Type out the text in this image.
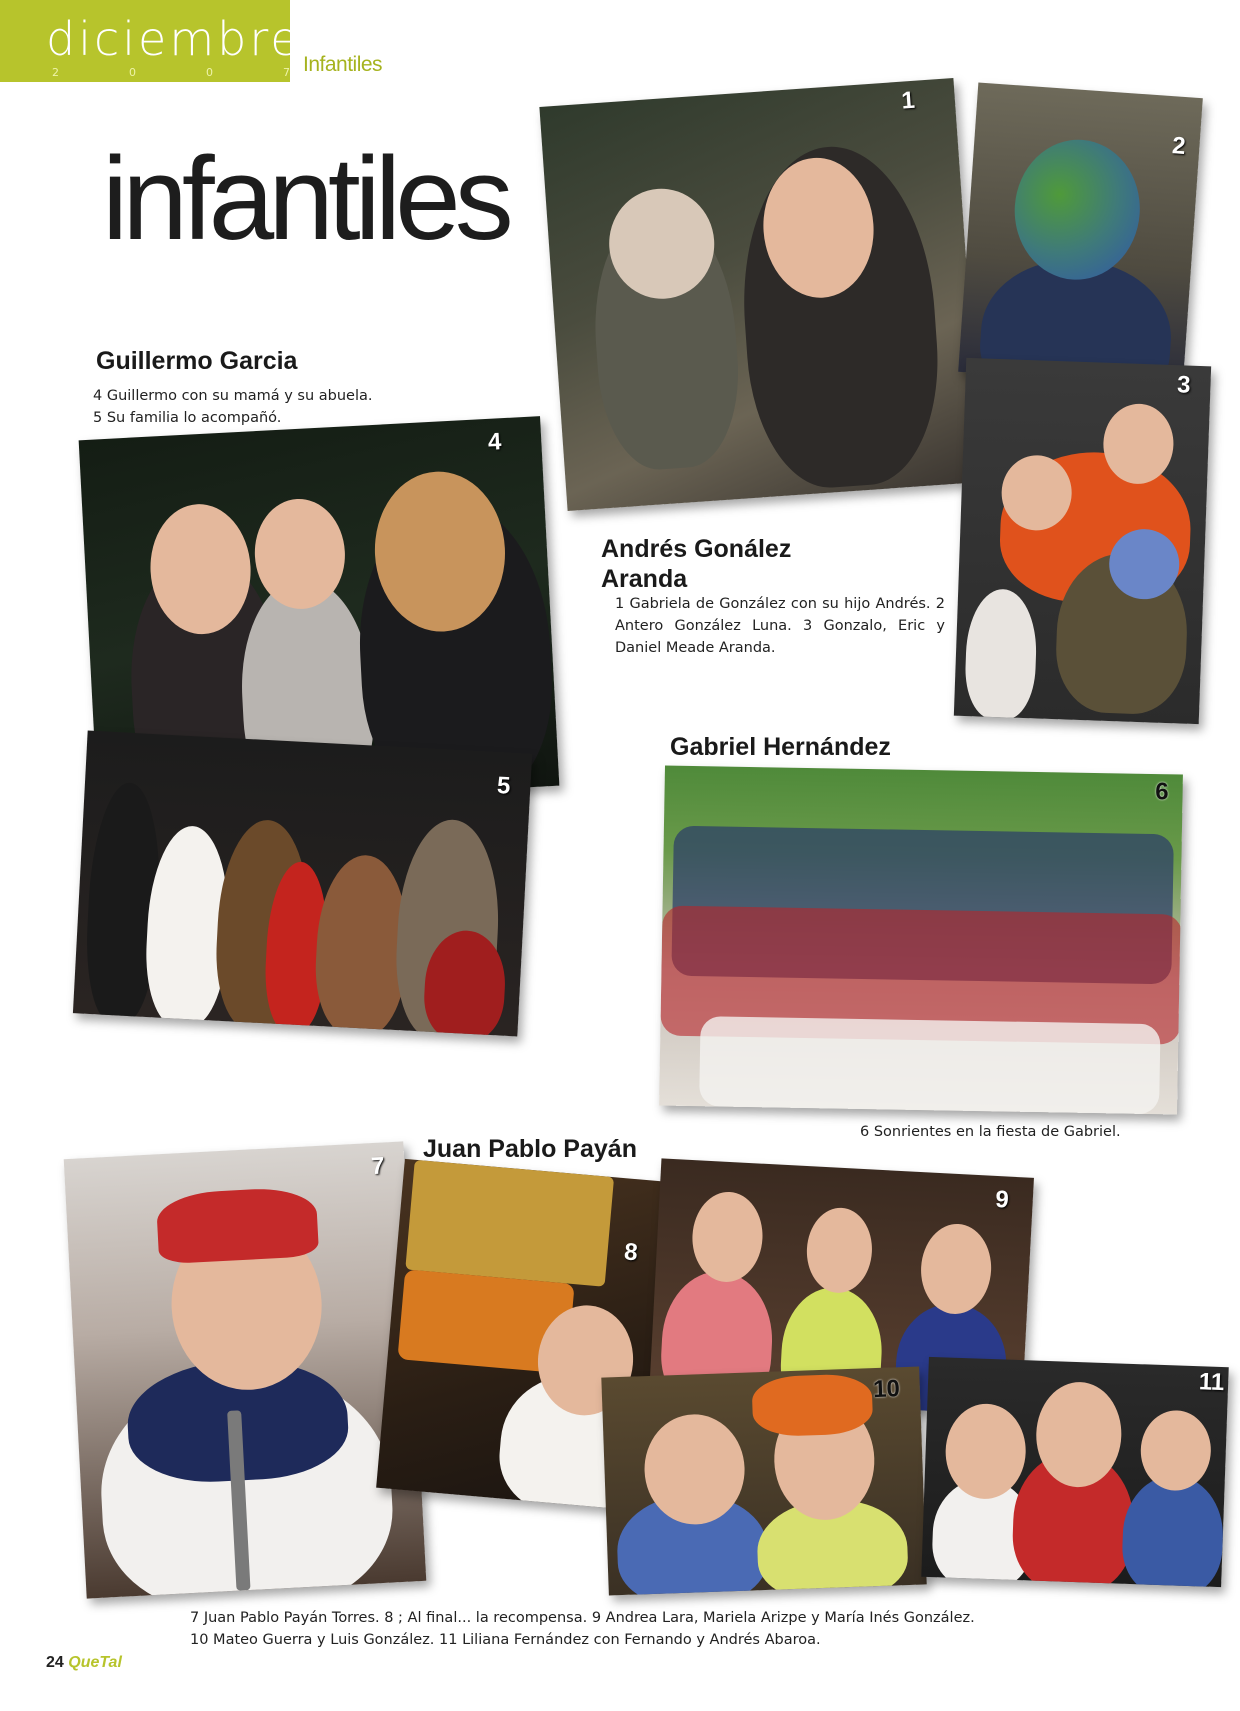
diciembre
2	0	0	7 Infantiles
infantiles
1
2
3
Guillermo Garcia
4 Guillermo con su mamá y su abuela.
5 Su familia lo acompañó.
4
5
Andrés Gonález
Aranda
1 Gabriela de González con su hijo Andrés. 2 Antero González Luna. 3 Gonzalo, Eric y Daniel Meade Aranda.
Gabriel Hernández
6
6 Sonrientes en la fiesta de Gabriel.
Juan Pablo Payán
7
8
9
10	11
7 Juan Pablo Payán Torres. 8 ; Al final... la recompensa. 9 Andrea Lara, Mariela Arizpe y María Inés González.
10 Mateo Guerra y Luis González. 11 Liliana Fernández con Fernando y Andrés Abaroa.
24 QueTal
